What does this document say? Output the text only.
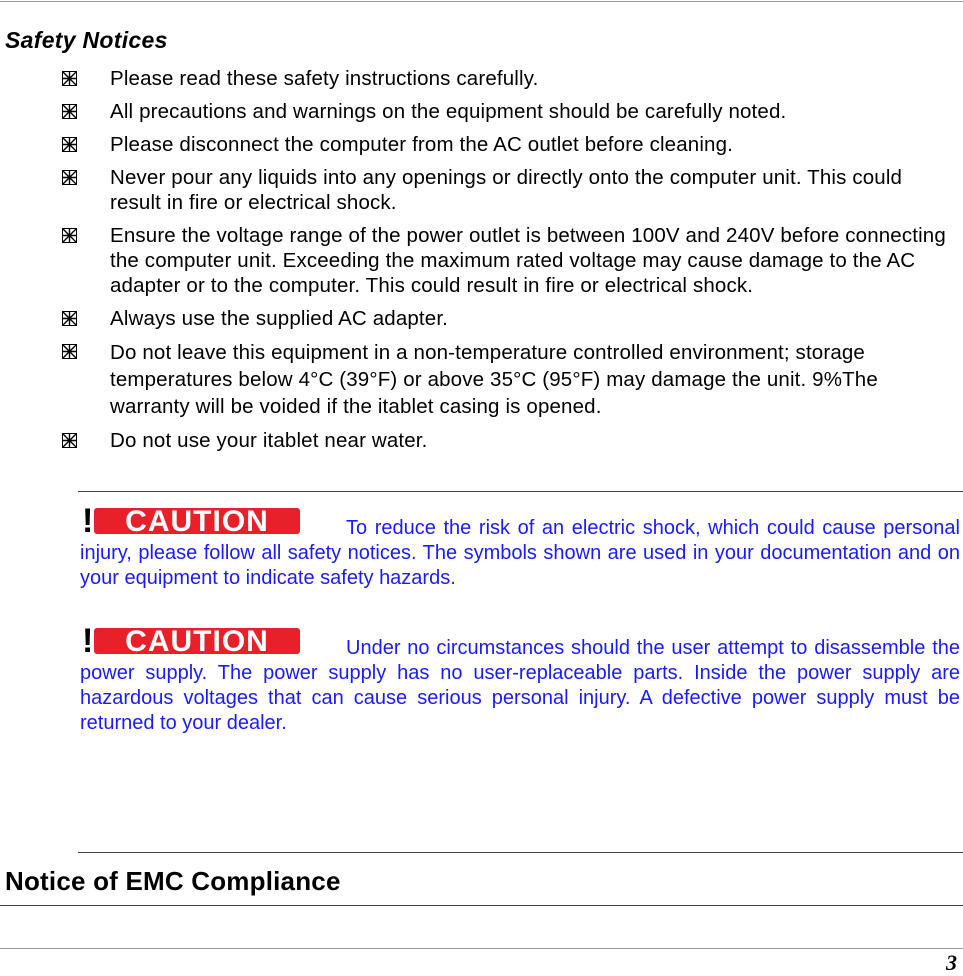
Safety Notices
Please read these safety instructions carefully.
All precautions and warnings on the equipment should be carefully noted.
Please disconnect the computer from the AC outlet before cleaning.
Never pour any liquids into any openings or directly onto the computer unit. This could result in fire or electrical shock.
Ensure the voltage range of the power outlet is between 100V and 240V before connecting the computer unit. Exceeding the maximum rated voltage may cause damage to the AC adapter or to the computer. This could result in fire or electrical shock.
Always use the supplied AC adapter.
Do not leave this equipment in a non-temperature controlled environment; storage temperatures below 4°C (39°F) or above 35°C (95°F) may damage the unit. 9%The warranty will be voided if the itablet casing is opened.
Do not use your itablet near water.
! CAUTION	To reduce the risk of an electric shock, which could cause personal injury, please follow all safety notices. The symbols shown are used in your documentation and on your equipment to indicate safety hazards.
! CAUTION	Under no circumstances should the user attempt to disassemble the power supply. The power supply has no user-replaceable parts. Inside the power supply are hazardous voltages that can cause serious personal injury. A defective power supply must be returned to your dealer.
Notice of EMC Compliance

3
